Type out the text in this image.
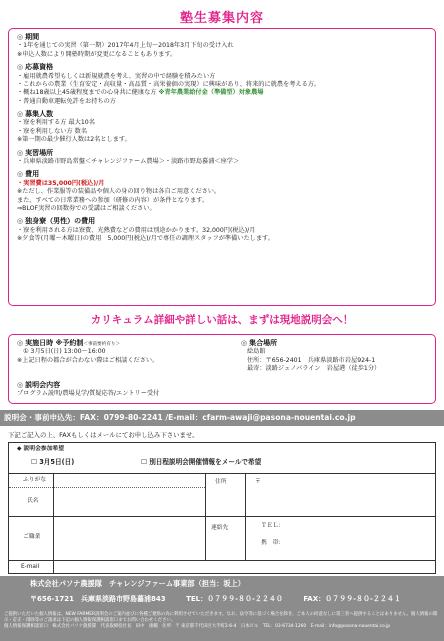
塾生募集内容
◎ 期間
・1年を通じての実習（第一期）2017年4月上旬〜2018年3月下旬の受け入れ
※申込人数により開塾時期が変更になることもあります。
◎ 応募資格
・雇用就農希望もしくは新規就農を考え、実習の中で経験を積みたい方
・これからの農業（生育安定・高収量・高品質・高栄養価の実現）に興味があり、将来的に就農を考える方。
・概ね18歳以上45歳程度までの心身共に健康な方 ※青年農業給付金（準備型）対象農場
・普通自動車運転免許をお持ちの方
◎ 募集人数
・寮を利用する方 最大10名
・寮を利用しない方 数名
※第一期の最少催行人数は2名とします。
◎ 実習場所
・兵庫県淡路市野島常盤＜チャレンジファーム農場＞・淡路市野島蟇浦＜座学＞
◎ 費用
・実習費は35,000円(税込)/月
※ただし、作業服等の装備品や個人の身の回り物は各自ご用意ください。
また、すべての日常業務への参加（研修の内容）が条件となります。
⇒BLOF実習の回数券での受講はご相談ください。
◎ 独身寮（男性）の費用
・寮を利用される方は寮費、光熱費などの費用は別途かかります。32,000円(税込)/月
※夕食等(月曜〜木曜日)の費用　5,000円(税込)/月で専任の調理スタッフが準備いたします。
カリキュラム詳細や詳しい話は、まずは現地説明会へ！
◎ 実施日時 ※予約制＜事前要約有り＞
① 3月5日(日) 13:00〜16:00
※上記日程の都合が合わない際はご相談ください。
◎ 集合場所
絵島館
住所：〒656-2401　兵庫県淡路市岩屋924-1
最寄：淡路ジェノバライン　岩屋港（徒歩1分）
◎ 説明会内容
プログラム説明/農場見学/質疑応答/エントリー受付
説明会・事前申込先：FAX：0799-80-2241 /E-mail：cfarm-awaji@pasona-nouentai.co.jp
下記ご記入の上、FAXもしくはメールにてお申し込み下さいませ。
◆ 説明会参加希望
☐ 3月5日(日)	☐ 別日程説明会開催情報をメールで希望
ふりがな
氏名
住所	〒
ご職業
連絡先	ＴＥＬ：
携　帯：
E-mail
株式会社パソナ農援隊　チャレンジファーム事業部（担当：坂上）
〒656-1721　兵庫県淡路市野島蟇浦843	TEL：０７９９-８０-２２４０	FAX：０７９９-８０-２２４１
ご提供いただいた個人情報は、NEW FARMER説明会のご案内並びに各種ご連絡の為に利用させていただきます。なお、法令等に基づく場合を除き、ご本人の同意なしに第三者へ提供することはありません。個人情報の開示・訂正・削除等のご請求は下記の個人情報保護相談窓口までお問い合わせください。
個人情報保護相談窓口：株式会社パソナ農援隊　代表取締役社長　田中　康輔　住所：〒 東京都千代田区大手町2-6-4　日本ビル　TEL：03-6734-1260　E-mail：info@pasona-nouentai.co.jp
